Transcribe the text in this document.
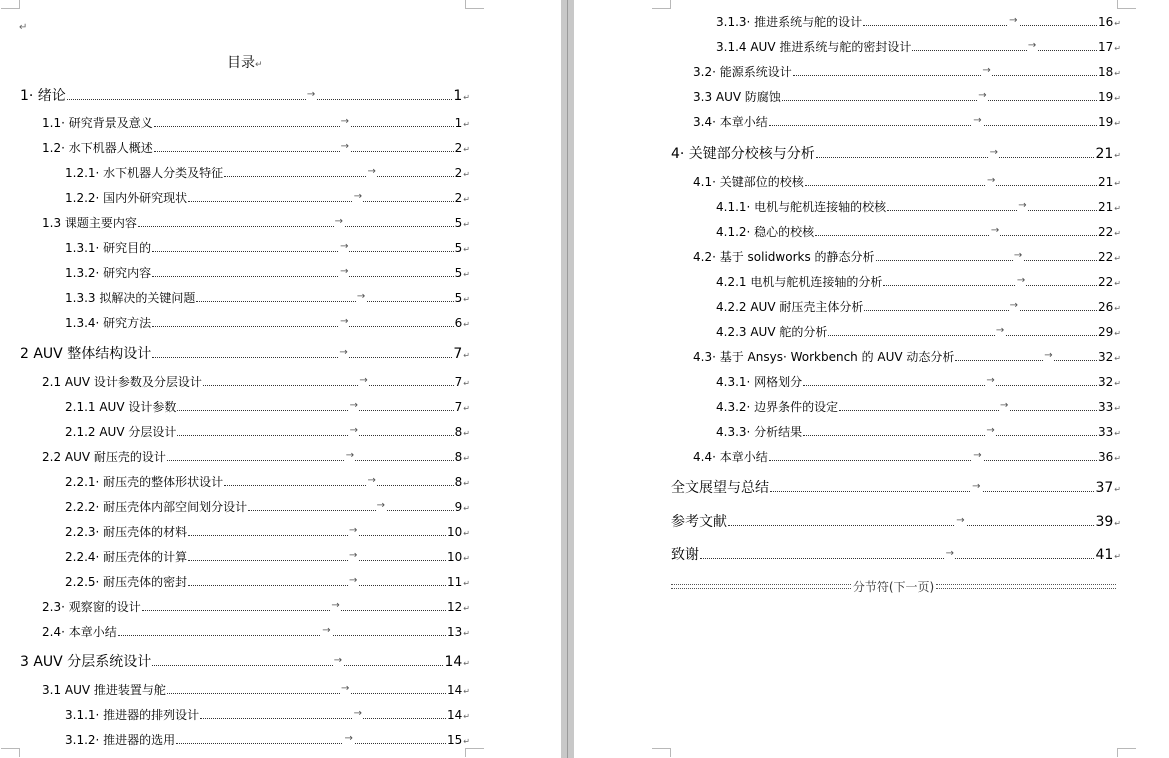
↵
目录↵
1· 绪论	→	1 ↵
1.1· 研究背景及意义	→	1 ↵
1.2· 水下机器人概述	→	2 ↵
1.2.1· 水下机器人分类及特征	→	2 ↵
1.2.2· 国内外研究现状	→	2 ↵
1.3 课题主要内容	→	5 ↵
1.3.1· 研究目的	→	5 ↵
1.3.2· 研究内容	→	5 ↵
1.3.3 拟解决的关键问题	→	5 ↵
1.3.4· 研究方法	→	6 ↵
2 AUV 整体结构设计	→	7 ↵
2.1 AUV 设计参数及分层设计	→	7 ↵
2.1.1 AUV 设计参数	→	7 ↵
2.1.2 AUV 分层设计	→	8 ↵
2.2 AUV 耐压壳的设计	→	8 ↵
2.2.1· 耐压壳的整体形状设计	→	8 ↵
2.2.2· 耐压壳体内部空间划分设计	→	9 ↵
2.2.3· 耐压壳体的材料	→	10 ↵
2.2.4· 耐压壳体的计算	→	10 ↵
2.2.5· 耐压壳体的密封	→	11 ↵
2.3· 观察窗的设计	→	12 ↵
2.4· 本章小结	→	13 ↵
3 AUV 分层系统设计	→	14 ↵
3.1 AUV 推进装置与舵	→	14 ↵
3.1.1· 推进器的排列设计	→	14 ↵
3.1.2· 推进器的选用	→	15 ↵
3.1.3· 推进系统与舵的设计	→	16 ↵
3.1.4 AUV 推进系统与舵的密封设计	→	17 ↵
3.2· 能源系统设计	→	18 ↵
3.3 AUV 防腐蚀	→	19 ↵
3.4· 本章小结	→	19 ↵
4· 关键部分校核与分析	→	21 ↵
4.1· 关键部位的校核	→	21 ↵
4.1.1· 电机与舵机连接轴的校核	→	21 ↵
4.1.2· 稳心的校核	→	22 ↵
4.2· 基于 solidworks 的静态分析	→	22 ↵
4.2.1 电机与舵机连接轴的分析	→	22 ↵
4.2.2 AUV 耐压壳主体分析	→	26 ↵
4.2.3 AUV 舵的分析	→	29 ↵
4.3· 基于 Ansys· Workbench 的 AUV 动态分析	→	32 ↵
4.3.1· 网格划分	→	32 ↵
4.3.2· 边界条件的设定	→	33 ↵
4.3.3· 分析结果	→	33 ↵
4.4· 本章小结	→	36 ↵
全文展望与总结	→	37 ↵
参考文献	→	39 ↵
致谢	→	41 ↵
分节符(下一页)
